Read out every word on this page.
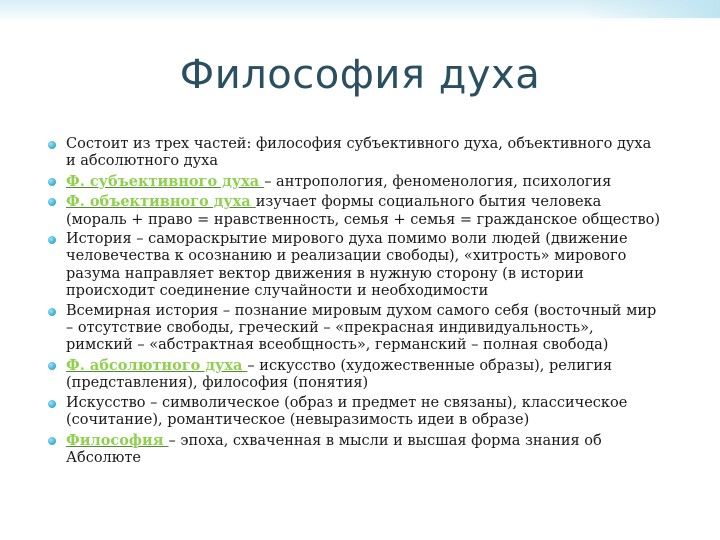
Философия духа
Состоит из трех частей: философия субъективного духа, объективного духа и абсолютного духа
Ф. субъективного духа – антропология, феноменология, психология
Ф. объективного духа изучает формы социального бытия человека (мораль + право = нравственность, семья + семья = гражданское общество)
История – самораскрытие мирового духа помимо воли людей (движение человечества к осознанию и реализации свободы), «хитрость» мирового разума направляет вектор движения в нужную сторону (в истории происходит соединение случайности и необходимости
Всемирная история – познание мировым духом самого себя (восточный мир – отсутствие свободы, греческий – «прекрасная индивидуальность», римский – «абстрактная всеобщность», германский – полная свобода)
Ф. абсолютного духа – искусство (художественные образы), религия (представления), философия (понятия)
Искусство – символическое (образ и предмет не связаны), классическое (сочитание), романтическое (невыразимость идеи в образе)
Философия – эпоха, схваченная в мысли и высшая форма знания об Абсолюте
